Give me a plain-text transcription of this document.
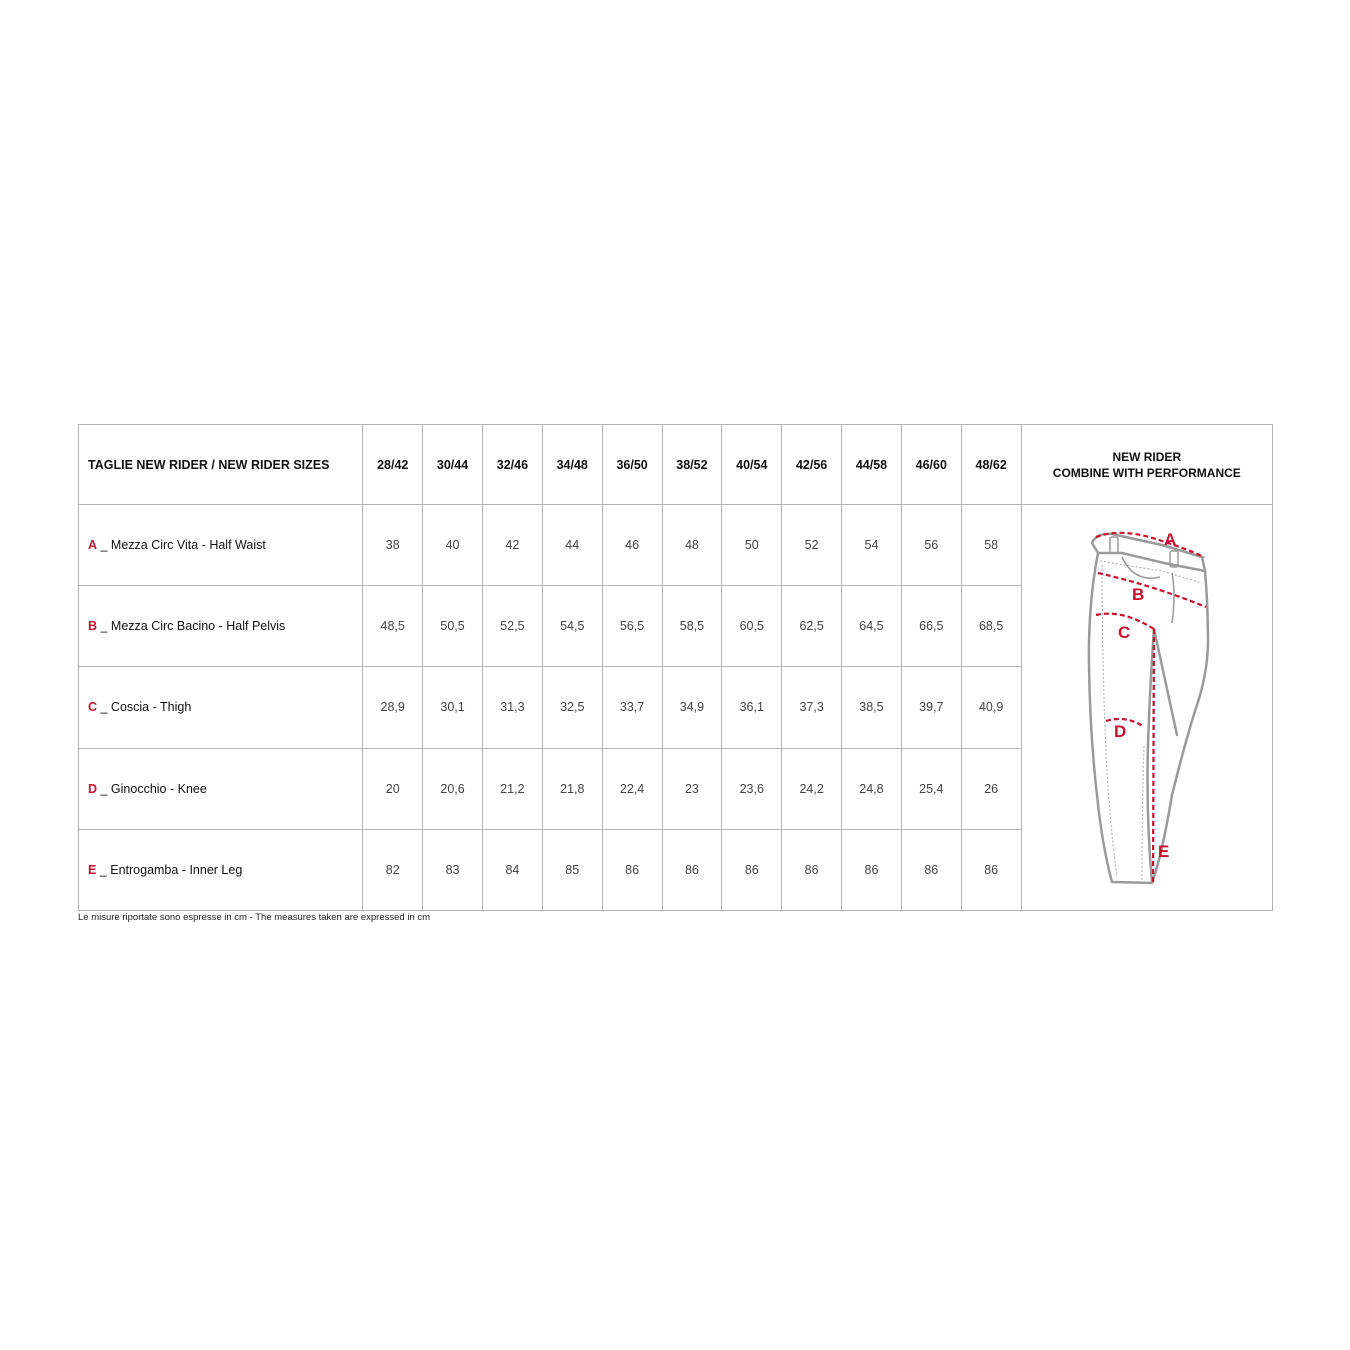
TAGLIE NEW RIDER / NEW RIDER SIZES	28/42	30/44	32/46	34/48	36/50	38/52	40/54	42/56	44/58	46/60	48/62	NEW RIDER
COMBINE WITH PERFORMANCE

A _ Mezza Circ Vita - Half Waist	38	40	42	44	46	48	50	52	54	56	58	A
B
C
D
E

B _ Mezza Circ Bacino - Half Pelvis	48,5	50,5	52,5	54,5	56,5	58,5	60,5	62,5	64,5	66,5	68,5	
C _ Coscia - Thigh	28,9	30,1	31,3	32,5	33,7	34,9	36,1	37,3	38,5	39,7	40,9	
D _ Ginocchio - Knee	20	20,6	21,2	21,8	22,4	23	23,6	24,2	24,8	25,4	26	
E _ Entrogamba - Inner Leg	82	83	84	85	86	86	86	86	86	86	86	
Le misure riportate sono espresse in cm - The measures taken are expressed in cm
